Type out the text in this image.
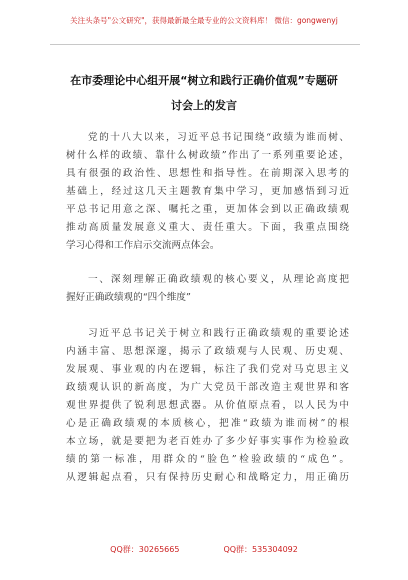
关注头条号"公文研究"，获得最新最全最专业的公文资料库！ 微信：gongwenyj
在市委理论中心组开展“树立和践行正确价值观”专题研
讨会上的发言
党的十八大以来，习近平总书记围绕“政绩为谁而树、
树什么样的政绩、靠什么树政绩”作出了一系列重要论述，
具有很强的政治性、思想性和指导性。在前期深入思考的
基础上，经过这几天主题教育集中学习，更加感悟到习近
平总书记用意之深、嘱托之重，更加体会到以正确政绩观
推动高质量发展意义重大、责任重大。下面，我重点围绕
学习心得和工作启示交流两点体会。
一、深刻理解正确政绩观的核心要义，从理论高度把
握好正确政绩观的“四个维度”
习近平总书记关于树立和践行正确政绩观的重要论述
内涵丰富、思想深邃，揭示了政绩观与人民观、历史观、
发展观、事业观的内在逻辑，标注了我们党对马克思主义
政绩观认识的新高度，为广大党员干部改造主观世界和客
观世界提供了锐利思想武器。从价值原点看，以人民为中
心是正确政绩观的本质核心，把准“政绩为谁而树”的根
本立场，就是要把为老百姓办了多少好事实事作为检验政
绩的第一标准，用群众的“脸色”检验政绩的“成色”。
从逻辑起点看，只有保持历史耐心和战略定力，用正确历
QQ群：30265665	QQ群：535304092
